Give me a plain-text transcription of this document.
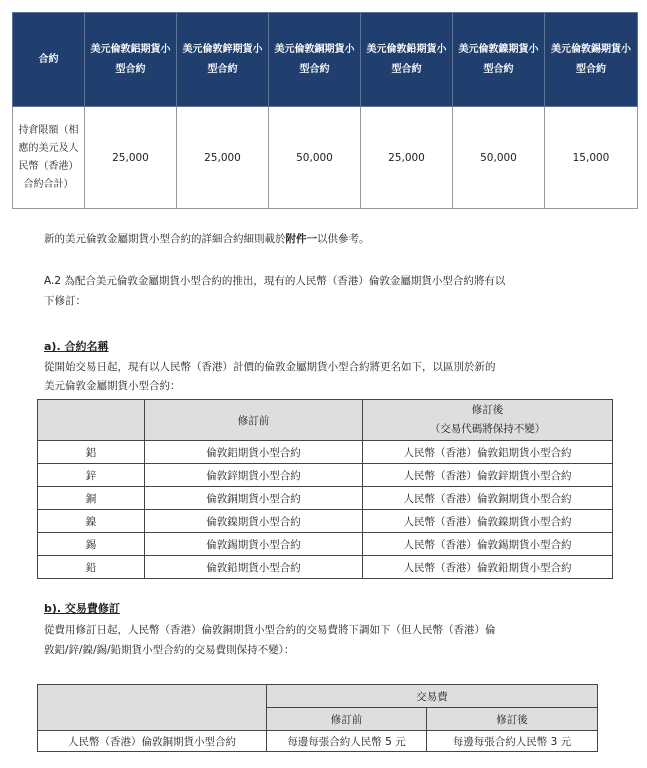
合約	美元倫敦鋁期貨小型合約	美元倫敦鋅期貨小型合約	美元倫敦銅期貨小型合約	美元倫敦鉛期貨小型合約	美元倫敦鎳期貨小型合約	美元倫敦錫期貨小型合約
持倉限額（相應的美元及人民幣（香港）合約合計）	25,000	25,000	50,000	25,000	50,000	15,000

新的美元倫敦金屬期貨小型合約的詳細合約細則載於附件一以供參考。

A.2 為配合美元倫敦金屬期貨小型合約的推出，現有的人民幣（香港）倫敦金屬期貨小型合約將有以

下修訂：

a). 合約名稱

從開始交易日起，現有以人民幣（香港）計價的倫敦金屬期貨小型合約將更名如下，以區別於新的

美元倫敦金屬期貨小型合約：

	修訂前	修訂後
（交易代碼將保持不變）

鋁	倫敦鋁期貨小型合約	人民幣（香港）倫敦鋁期貨小型合約
鋅	倫敦鋅期貨小型合約	人民幣（香港）倫敦鋅期貨小型合約
銅	倫敦銅期貨小型合約	人民幣（香港）倫敦銅期貨小型合約
鎳	倫敦鎳期貨小型合約	人民幣（香港）倫敦鎳期貨小型合約
錫	倫敦錫期貨小型合約	人民幣（香港）倫敦錫期貨小型合約
鉛	倫敦鉛期貨小型合約	人民幣（香港）倫敦鉛期貨小型合約

b). 交易費修訂

從費用修訂日起，人民幣（香港）倫敦銅期貨小型合約的交易費將下調如下（但人民幣（香港）倫

敦鋁/鋅/鎳/錫/鉛期貨小型合約的交易費則保持不變）：

	交易費	
	修訂前	修訂後
人民幣（香港）倫敦銅期貨小型合約	每邊每張合約人民幣 5 元	每邊每張合約人民幣 3 元
